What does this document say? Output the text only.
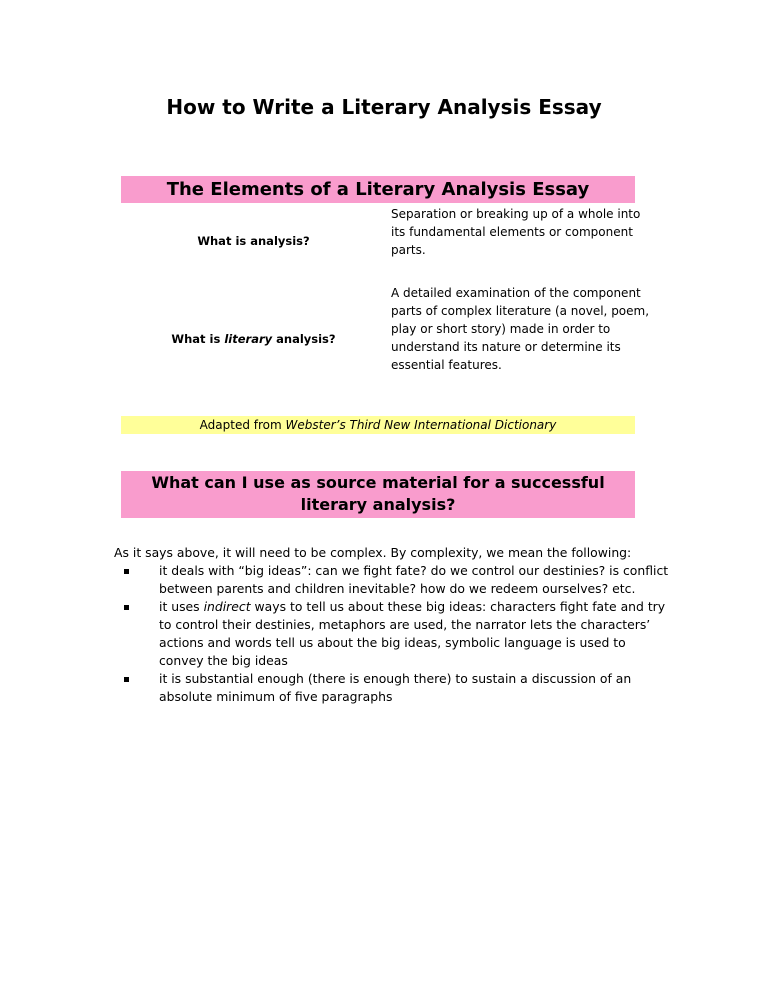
How to Write a Literary Analysis Essay
The Elements of a Literary Analysis Essay
What is analysis?
Separation or breaking up of a whole into its fundamental elements or component parts.
What is literary analysis?
A detailed examination of the component parts of complex literature (a novel, poem, play or short story) made in order to understand its nature or determine its essential features.
Adapted from Webster’s Third New International Dictionary
What can I use as source material for a successful literary analysis?
As it says above, it will need to be complex. By complexity, we mean the following:
it deals with “big ideas”: can we fight fate? do we control our destinies? is conflict between parents and children inevitable? how do we redeem ourselves? etc.
it uses indirect ways to tell us about these big ideas: characters fight fate and try to control their destinies, metaphors are used, the narrator lets the characters’ actions and words tell us about the big ideas, symbolic language is used to convey the big ideas
it is substantial enough (there is enough there) to sustain a discussion of an absolute minimum of five paragraphs
